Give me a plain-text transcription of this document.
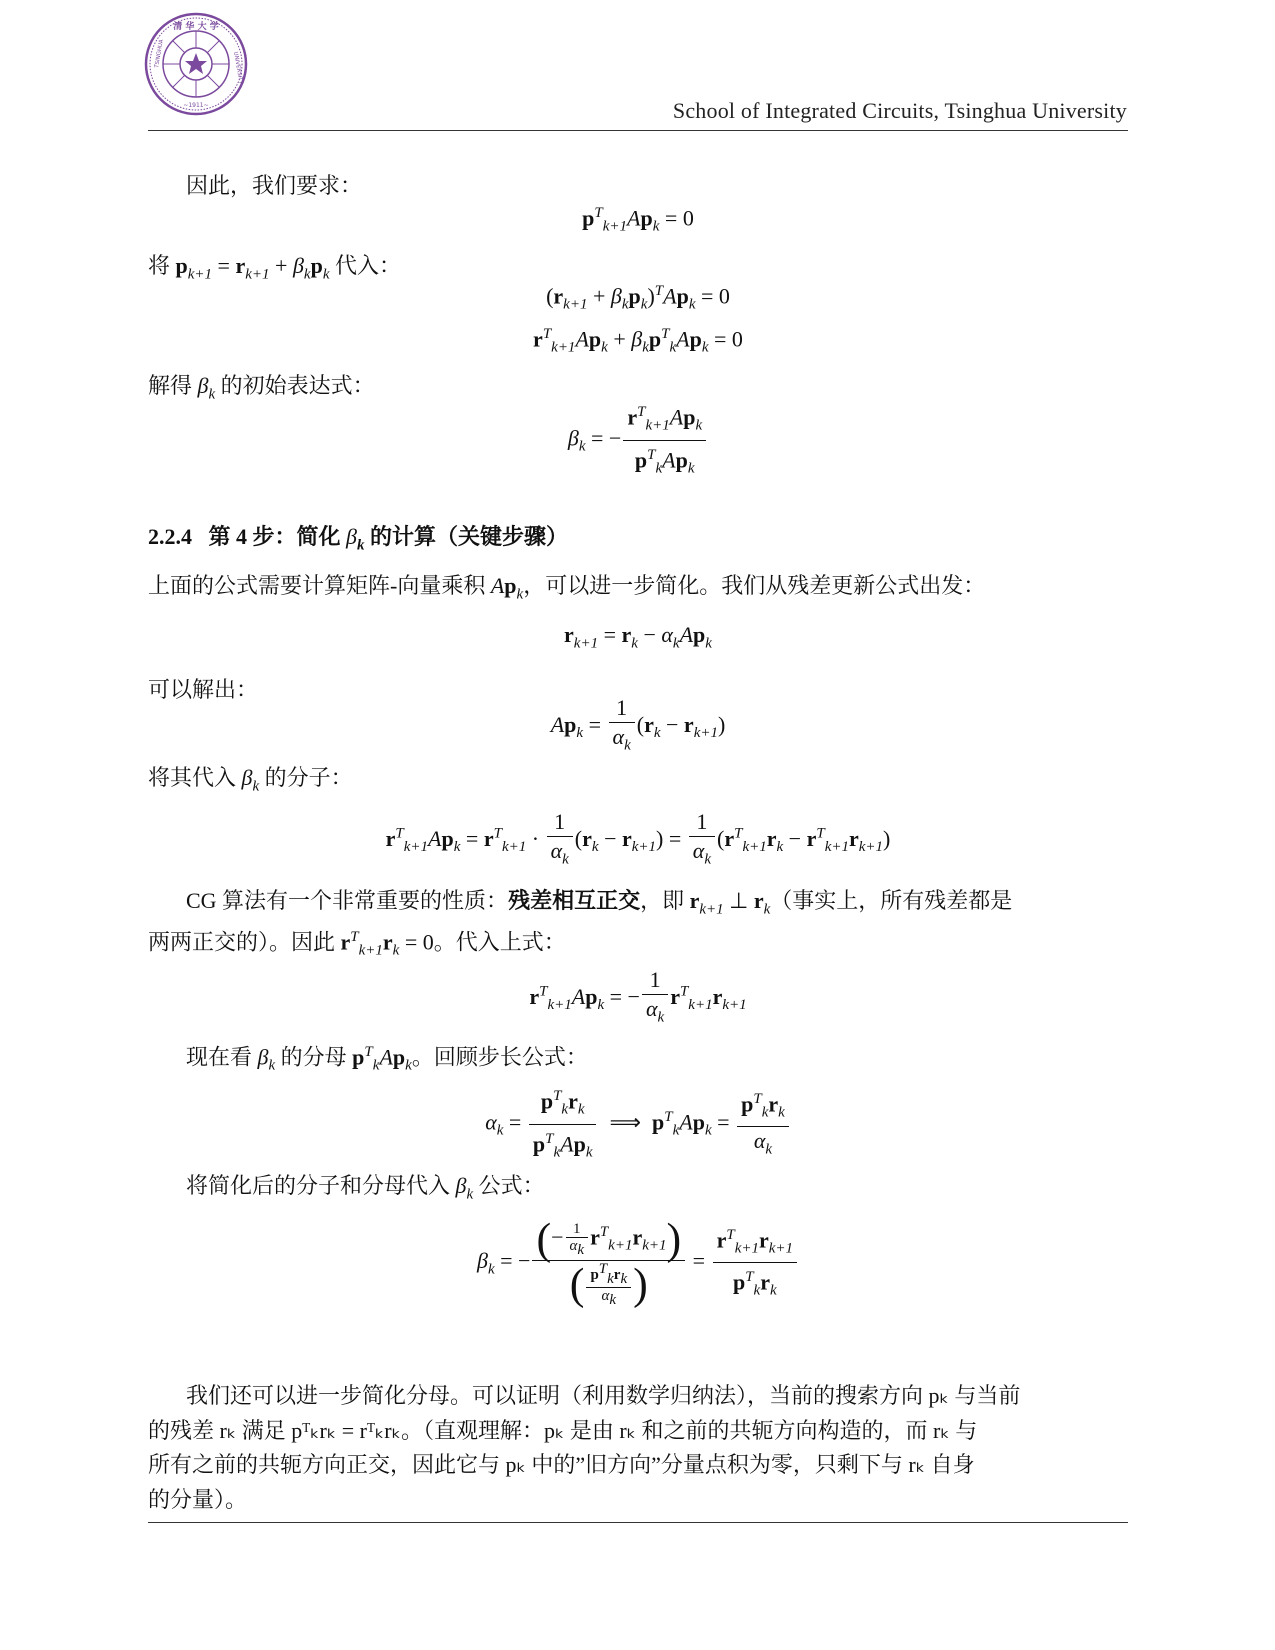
清 华 大 学
TSINGHUA	UNIVERSITY
~1911~	School of Integrated Circuits, Tsinghua University
因此，我们要求：
$p^T_{k+1}Ap_k = 0$
将 $p_{k+1} = r_{k+1} + \beta_kp_k$ 代入：
$(r_{k+1} + \beta_kp_k)^TAp_k = 0$
$r^T_{k+1}Ap_k + \beta_kp^T_kAp_k = 0$
解得 $\beta_k$ 的初始表达式：
$\beta_k$ = − $\frac{r^T_{k+1}Ap_k}{p^T_kAp_k}$
2.2.4 第 4 步：简化 $\beta_k$ 的计算（关键步骤）
上面的公式需要计算矩阵-向量乘积 $Ap_k$，可以进一步简化。我们从残差更新公式出发：
$r_{k+1} = r_k - \alpha_kAp_k$
可以解出：
$Ap_k = \frac{1}{\alpha_k} (r_k - r_{k+1})$
将其代入 $\beta_k$ 的分子：
$r^T_{k+1}Ap_k = r^T_{k+1} \cdot \frac{1}{\alpha_k} (r_k - r_{k+1}) = \frac{1}{\alpha_k} (r^T_{k+1}r_k - r^T_{k+1}r_{k+1})$
CG 算法有一个非常重要的性质：残差相互正交，即 $r_{k+1}$ ⊥ $r_k$（事实上，所有残差都是
两两正交的）。因此 $r^T_{k+1}r_k = 0$。代入上式：
$r^T_{k+1}Ap_k$ = − $\frac{1}{\alpha_k} r^T_{k+1}r_{k+1}$
现在看 $\beta_k$ 的分母 $p^T_kAp_k$。回顾步长公式：
$\alpha_k = \frac{p^T_kr_k}{p^T_kAp_k}$ ⟹  $p^T_kAp_k = \frac{p^T_kr_k}{\alpha_k}$
将简化后的分子和分母代入 $\beta_k$ 公式：
$\beta_k$ = − $\frac{(- \frac{1}{\alpha_k} r^T_{k+1}r_{k+1})}{( \frac{p^T_kr_k}{\alpha_k} )} = \frac{r^T_{k+1}r_{k+1}}{p^T_kr_k}$
我们还可以进一步简化分母。可以证明（利用数学归纳法），当前的搜索方向 pₖ 与当前
的残差 rₖ 满足 pᵀₖrₖ = rᵀₖrₖ。（直观理解：pₖ 是由 rₖ 和之前的共轭方向构造的，而 rₖ 与
所有之前的共轭方向正交，因此它与 pₖ 中的”旧方向”分量点积为零，只剩下与 rₖ 自身
的分量）。
